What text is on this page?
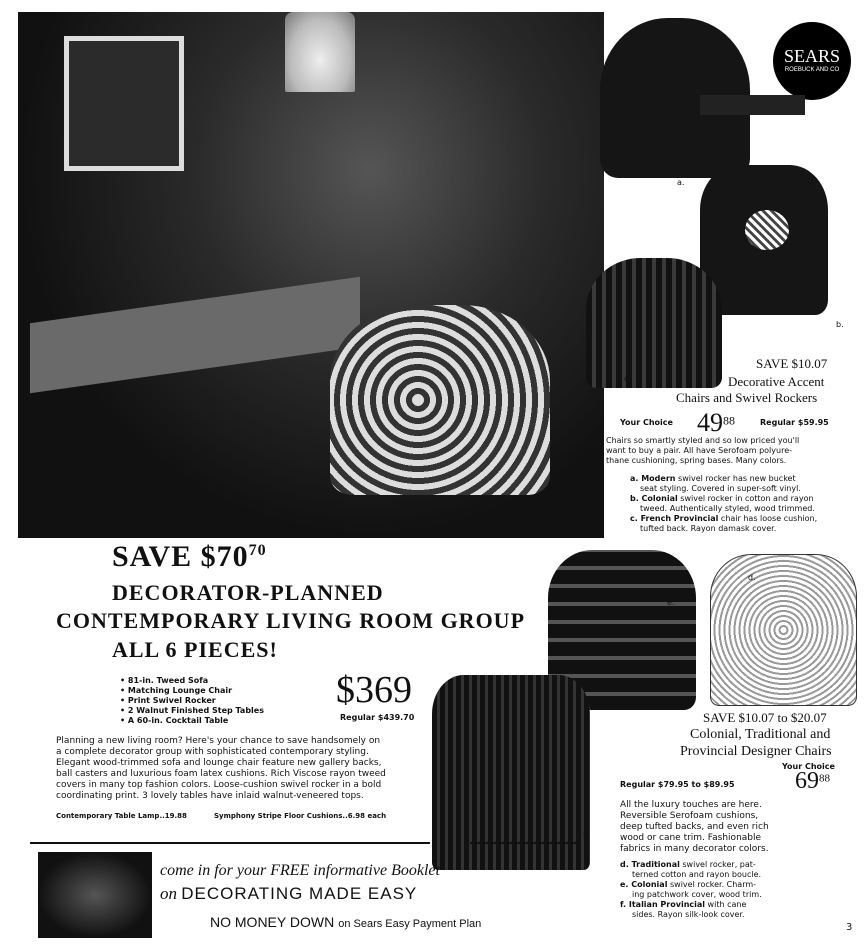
SEARS
ROEBUCK AND CO
a.
b.
c.
SAVE $10.07
Decorative Accent
Chairs and Swivel Rockers
Your Choice $49^{88}$	Regular $59.95
Chairs so smartly styled and so low priced you'll
want to buy a pair. All have Serofoam polyure-
thane cushioning, spring bases. Many colors.
a. Modern swivel rocker has new bucket
seat styling. Covered in super-soft vinyl.
b. Colonial swivel rocker in cotton and rayon
tweed. Authentically styled, wood trimmed.
c. French Provincial chair has loose cushion,
tufted back. Rayon damask cover.
SAVE $\$70^{70}$
DECORATOR-PLANNED
CONTEMPORARY LIVING ROOM GROUP
ALL 6 PIECES!
• 81-in. Tweed Sofa
• Matching Lounge Chair
• Print Swivel Rocker
• 2 Walnut Finished Step Tables
• A 60-in. Cocktail Table
$369
Regular $439.70
Planning a new living room? Here's your chance to save handsomely on
a complete decorator group with sophisticated contemporary styling.
Elegant wood-trimmed sofa and lounge chair feature new gallery backs,
ball casters and luxurious foam latex cushions. Rich Viscose rayon tweed
covers in many top fashion colors. Loose-cushion swivel rocker in a bold
coordinating print. 3 lovely tables have inlaid walnut-veneered tops.
Contemporary Table Lamp..19.88	Symphony Stripe Floor Cushions..6.98 each
e.
d.
f.
SAVE $10.07 to $20.07
Colonial, Traditional and
Provincial Designer Chairs
Your Choice
Regular $79.95 to $89.95	$69^{88}$
All the luxury touches are here.
Reversible Serofoam cushions,
deep tufted backs, and even rich
wood or cane trim. Fashionable
fabrics in many decorator colors.
d. Traditional swivel rocker, pat-
terned cotton and rayon boucle.
e. Colonial swivel rocker. Charm-
ing patchwork cover, wood trim.
f. Italian Provincial with cane
sides. Rayon silk-look cover.
come in for your FREE informative Booklet
on DECORATING MADE EASY
NO MONEY DOWN on Sears Easy Payment Plan	3
